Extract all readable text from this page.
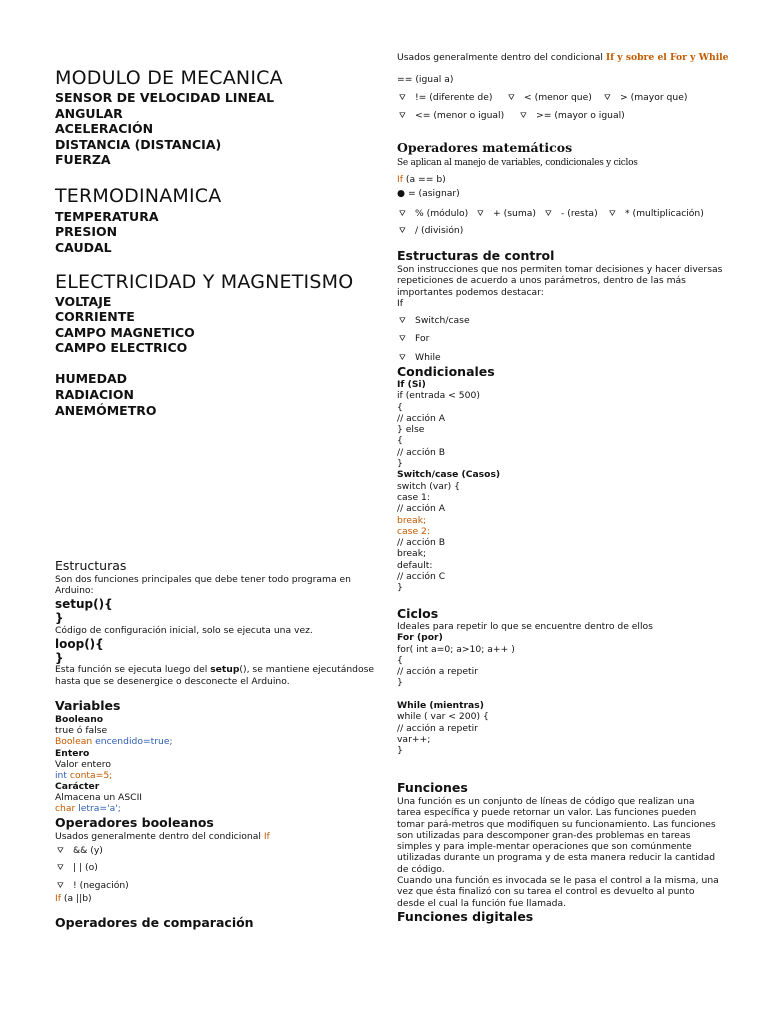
MODULO DE MECANICA
SENSOR DE VELOCIDAD LINEAL
ANGULAR
ACELERACIÓN
DISTANCIA (DISTANCIA)
FUERZA
TERMODINAMICA
TEMPERATURA
PRESION
CAUDAL
ELECTRICIDAD Y MAGNETISMO
VOLTAJE
CORRIENTE
CAMPO MAGNETICO
CAMPO ELECTRICO
HUMEDAD
RADIACION
ANEMÓMETRO
Estructuras
Son dos funciones principales que debe tener todo programa en
Arduino:
setup(){
}
Código de configuración inicial, solo se ejecuta una vez.
loop(){
}
Esta función se ejecuta luego del setup(), se mantiene ejecutándose
hasta que se desenergice o desconecte el Arduino.
Variables
Booleano
true ó false
Boolean encendido=true;
Entero
Valor entero
int conta=5;
Carácter
Almacena un ASCII
char letra='a';
Operadores booleanos
Usados generalmente dentro del condicional If
⛛ && (y)
⛛ | | (o)
⛛ ! (negación)
If (a ||b)
Operadores de comparación
Usados generalmente dentro del condicional If y sobre el For y While
== (igual a)
⛛ != (diferente de) ⛛ < (menor que) ⛛ > (mayor que)
⛛ <= (menor o igual) ⛛ >= (mayor o igual)
Operadores matemáticos
Se aplican al manejo de variables, condicionales y ciclos
If (a == b)
● = (asignar)
⛛ % (módulo) ⛛ + (suma) ⛛ - (resta) ⛛ * (multiplicación)
⛛ / (división)
Estructuras de control
Son instrucciones que nos permiten tomar decisiones y hacer diversas
repeticiones de acuerdo a unos parámetros, dentro de las más
importantes podemos destacar:
If
⛛ Switch/case
⛛ For
⛛ While
Condicionales
If (Si)
if (entrada < 500)
{
// acción A
} else
{
// acción B
}
Switch/case (Casos)
switch (var) {
case 1:
// acción A
break;
case 2:
// acción B
break;
default:
// acción C
}
Ciclos
Ideales para repetir lo que se encuentre dentro de ellos
For (por)
for( int a=0; a>10; a++ )
{
// acción a repetir
}
While (mientras)
while ( var < 200) {
// acción a repetir
var++;
}
Funciones
Una función es un conjunto de líneas de código que realizan una
tarea específica y puede retornar un valor. Las funciones pueden
tomar pará-metros que modifiquen su funcionamiento. Las funciones
son utilizadas para descomponer gran-des problemas en tareas
simples y para imple-mentar operaciones que son comúnmente
utilizadas durante un programa y de esta manera reducir la cantidad
de código.
Cuando una función es invocada se le pasa el control a la misma, una
vez que ésta finalizó con su tarea el control es devuelto al punto
desde el cual la función fue llamada.
Funciones digitales
